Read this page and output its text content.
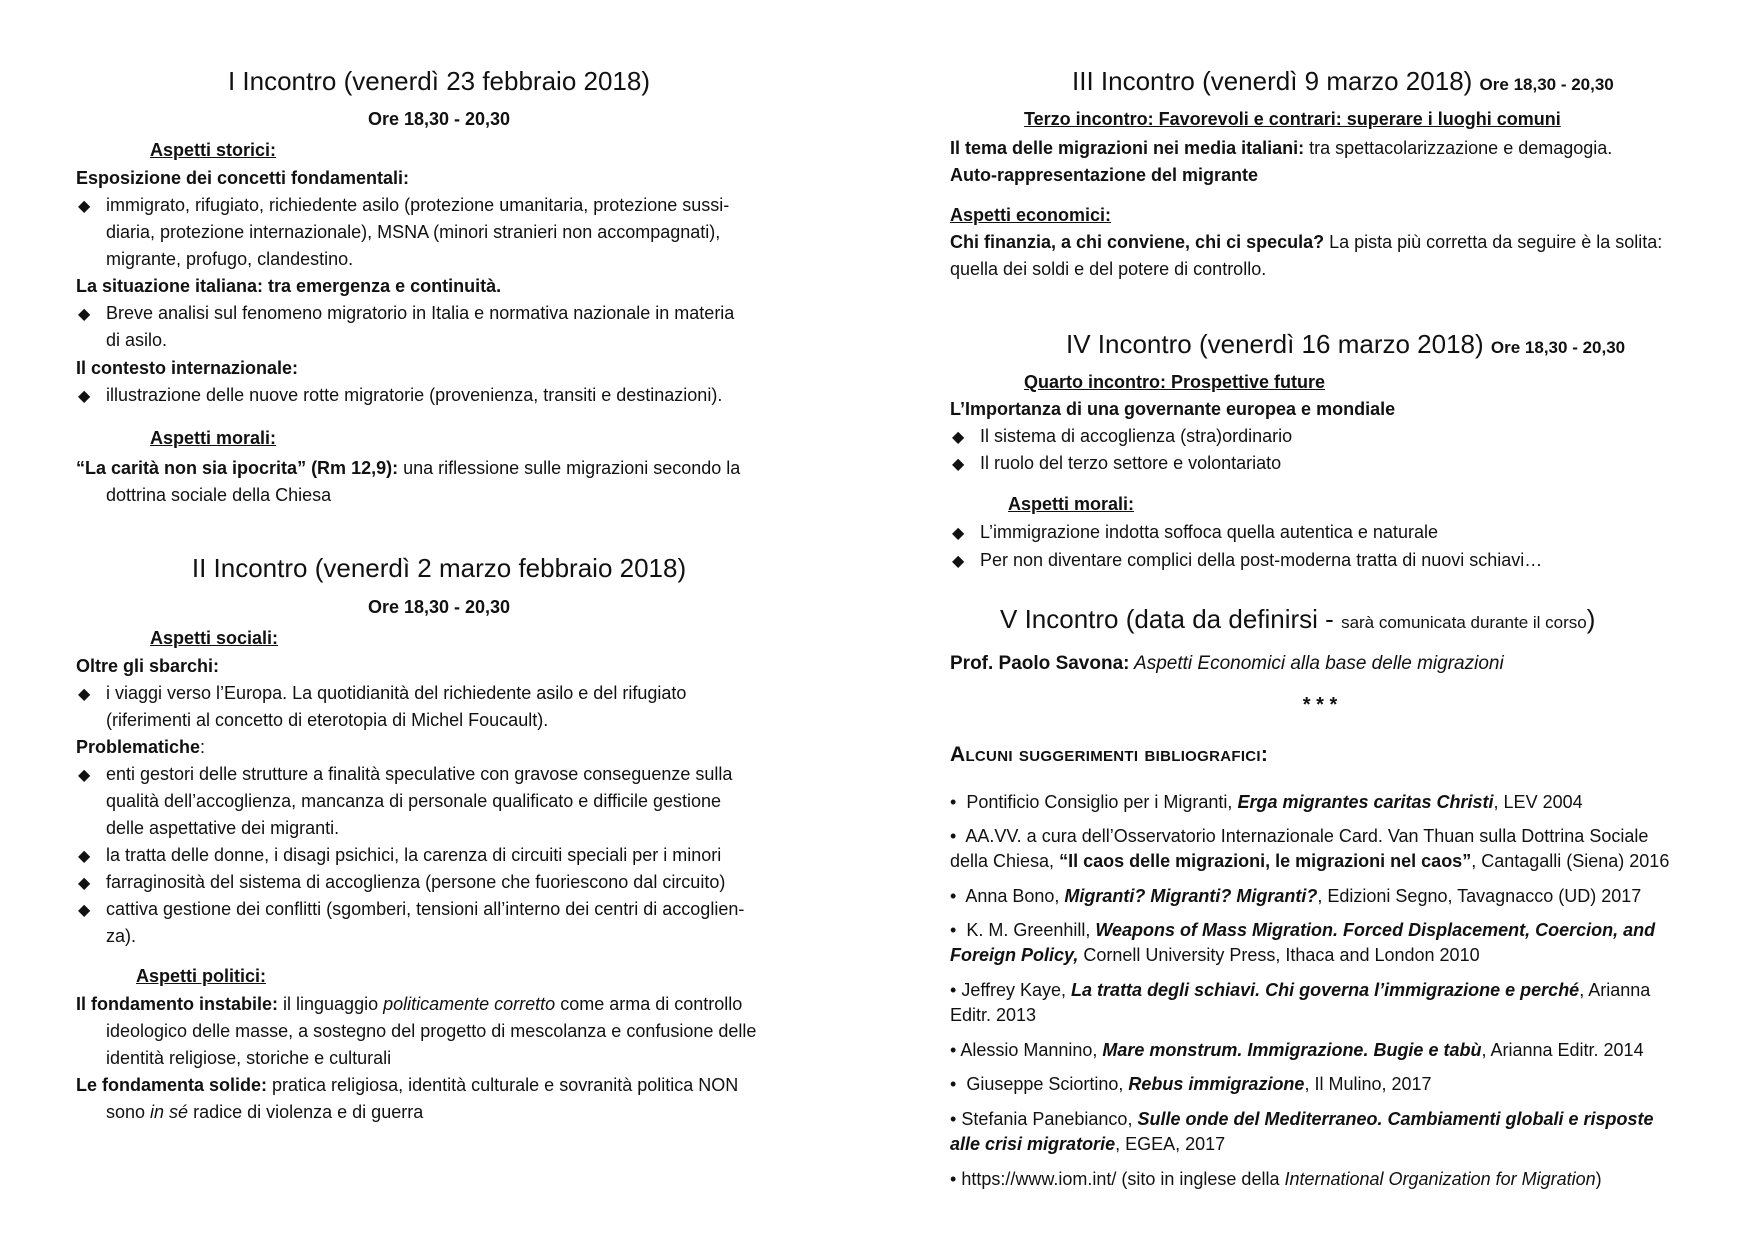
I Incontro (venerdì 23 febbraio 2018)
Ore 18,30 - 20,30
Aspetti storici:
Esposizione dei concetti fondamentali:
◆ immigrato, rifugiato, richiedente asilo (protezione umanitaria, protezione sussi-
diaria, protezione internazionale), MSNA (minori stranieri non accompagnati),
migrante, profugo, clandestino.
La situazione italiana: tra emergenza e continuità.
◆ Breve analisi sul fenomeno migratorio in Italia e normativa nazionale in materia
di asilo.
Il contesto internazionale:
◆ illustrazione delle nuove rotte migratorie (provenienza, transiti e destinazioni).
Aspetti morali:
“La carità non sia ipocrita” (Rm 12,9): una riflessione sulle migrazioni secondo la
dottrina sociale della Chiesa
II Incontro (venerdì 2 marzo febbraio 2018)
Ore 18,30 - 20,30
Aspetti sociali:
Oltre gli sbarchi:
◆ i viaggi verso l’Europa. La quotidianità del richiedente asilo e del rifugiato
(riferimenti al concetto di eterotopia di Michel Foucault).
Problematiche:
◆ enti gestori delle strutture a finalità speculative con gravose conseguenze sulla
qualità dell’accoglienza, mancanza di personale qualificato e difficile gestione
delle aspettative dei migranti.
◆ la tratta delle donne, i disagi psichici, la carenza di circuiti speciali per i minori
◆ farraginosità del sistema di accoglienza (persone che fuoriescono dal circuito)
◆ cattiva gestione dei conflitti (sgomberi, tensioni all’interno dei centri di accoglien-
za).
Aspetti politici:
Il fondamento instabile: il linguaggio politicamente corretto come arma di controllo
ideologico delle masse, a sostegno del progetto di mescolanza e confusione delle
identità religiose, storiche e culturali
Le fondamenta solide: pratica religiosa, identità culturale e sovranità politica NON
sono in sé radice di violenza e di guerra
III Incontro (venerdì 9 marzo 2018) Ore 18,30 - 20,30
Terzo incontro: Favorevoli e contrari: superare i luoghi comuni
Il tema delle migrazioni nei media italiani: tra spettacolarizzazione e demagogia.
Auto-rappresentazione del migrante
Aspetti economici:
Chi finanzia, a chi conviene, chi ci specula? La pista più corretta da seguire è la solita:
quella dei soldi e del potere di controllo.
IV Incontro (venerdì 16 marzo 2018) Ore 18,30 - 20,30
Quarto incontro: Prospettive future
L’Importanza di una governante europea e mondiale
◆ Il sistema di accoglienza (stra)ordinario
◆ Il ruolo del terzo settore e volontariato
Aspetti morali:
◆ L’immigrazione indotta soffoca quella autentica e naturale
◆ Per non diventare complici della post-moderna tratta di nuovi schiavi…
V Incontro (data da definirsi - sarà comunicata durante il corso)
Prof. Paolo Savona: Aspetti Economici alla base delle migrazioni
* * *
Alcuni suggerimenti bibliografici:
•  Pontificio Consiglio per i Migranti, Erga migrantes caritas Christi, LEV 2004
•  AA.VV. a cura dell’Osservatorio Internazionale Card. Van Thuan sulla Dottrina Sociale
della Chiesa, “Il caos delle migrazioni, le migrazioni nel caos”, Cantagalli (Siena) 2016
•  Anna Bono, Migranti? Migranti? Migranti?, Edizioni Segno, Tavagnacco (UD) 2017
•  K. M. Greenhill, Weapons of Mass Migration. Forced Displacement, Coercion, and
Foreign Policy, Cornell University Press, Ithaca and London 2010
• Jeffrey Kaye, La tratta degli schiavi. Chi governa l’immigrazione e perché, Arianna
Editr. 2013
• Alessio Mannino, Mare monstrum. Immigrazione. Bugie e tabù, Arianna Editr. 2014
•  Giuseppe Sciortino, Rebus immigrazione, Il Mulino, 2017
• Stefania Panebianco, Sulle onde del Mediterraneo. Cambiamenti globali e risposte
alle crisi migratorie, EGEA, 2017
• https://www.iom.int/ (sito in inglese della International Organization for Migration)
